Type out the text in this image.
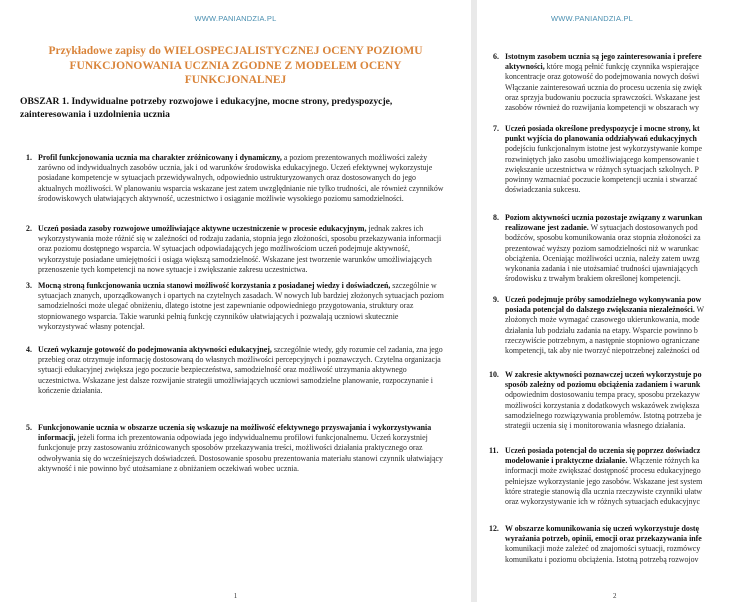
WWW.PANIANDZIA.PL
Przykładowe zapisy do WIELOSPECJALISTYCZNEJ OCENY POZIOMU FUNKCJONOWANIA UCZNIA ZGODNE Z MODELEM OCENY FUNKCJONALNEJ
OBSZAR 1. Indywidualne potrzeby rozwojowe i edukacyjne, mocne strony, predyspozycje, zainteresowania i uzdolnienia ucznia
1. Profil funkcjonowania ucznia ma charakter zróżnicowany i dynamiczny, a poziom prezentowanych możliwości zależy zarówno od indywidualnych zasobów ucznia, jak i od warunków środowiska edukacyjnego. Uczeń efektywnej wykorzystuje posiadane kompetencje w sytuacjach przewidywalnych, odpowiednio ustrukturyzowanych oraz dostosowanych do jego aktualnych możliwości. W planowaniu wsparcia wskazane jest zatem uwzględnianie nie tylko trudności, ale również czynników środowiskowych ułatwiających aktywność, uczestnictwo i osiąganie możliwie wysokiego poziomu samodzielności.
2. Uczeń posiada zasoby rozwojowe umożliwiające aktywne uczestniczenie w procesie edukacyjnym, jednak zakres ich wykorzystywania może różnić się w zależności od rodzaju zadania, stopnia jego złożoności, sposobu przekazywania informacji oraz poziomu dostępnego wsparcia. W sytuacjach odpowiadających jego możliwościom uczeń podejmuje aktywność, wykorzystuje posiadane umiejętności i osiąga większą samodzielność. Wskazane jest tworzenie warunków umożliwiających przenoszenie tych kompetencji na nowe sytuacje i zwiększanie zakresu uczestnictwa.
3. Mocną stroną funkcjonowania ucznia stanowi możliwość korzystania z posiadanej wiedzy i doświadczeń, szczególnie w sytuacjach znanych, uporządkowanych i opartych na czytelnych zasadach. W nowych lub bardziej złożonych sytuacjach poziom samodzielności może ulegać obniżeniu, dlatego istotne jest zapewnianie odpowiedniego przygotowania, struktury oraz stopniowanego wsparcia. Takie warunki pełnią funkcję czynników ułatwiających i pozwalają uczniowi skutecznie wykorzystywać własny potencjał.
4. Uczeń wykazuje gotowość do podejmowania aktywności edukacyjnej, szczególnie wtedy, gdy rozumie cel zadania, zna jego przebieg oraz otrzymuje informację dostosowaną do własnych możliwości percepcyjnych i poznawczych. Czytelna organizacja sytuacji edukacyjnej zwiększa jego poczucie bezpieczeństwa, samodzielność oraz możliwość utrzymania aktywnego uczestnictwa. Wskazane jest dalsze rozwijanie strategii umożliwiających uczniowi samodzielne planowanie, rozpoczynanie i kończenie działania.
5. Funkcjonowanie ucznia w obszarze uczenia się wskazuje na możliwość efektywnego przyswajania i wykorzystywania informacji, jeżeli forma ich prezentowania odpowiada jego indywidualnemu profilowi funkcjonalnemu. Uczeń korzystniej funkcjonuje przy zastosowaniu zróżnicowanych sposobów przekazywania treści, możliwości działania praktycznego oraz odwoływania się do wcześniejszych doświadczeń. Dostosowanie sposobu prezentowania materiału stanowi czynnik ułatwiający aktywność i nie powinno być utożsamiane z obniżaniem oczekiwań wobec ucznia.
1
WWW.PANIANDZIA.PL
6. Istotnym zasobem ucznia są jego zainteresowania i prefere
aktywności, które mogą pełnić funkcję czynnika wspierające
koncentracje oraz gotowość do podejmowania nowych doświ
Włączanie zainteresowań ucznia do procesu uczenia się zwięk
oraz sprzyja budowaniu poczucia sprawczości. Wskazane jest
zasobów również do rozwijania kompetencji w obszarach wy
7. Uczeń posiada określone predyspozycje i mocne strony, kt
punkt wyjścia do planowania oddziaływań edukacyjnych
podejściu funkcjonalnym istotne jest wykorzystywanie kompe
rozwiniętych jako zasobu umożliwiającego kompensowanie t
zwiększanie uczestnictwa w różnych sytuacjach szkolnych. P
powinny wzmacniać poczucie kompetencji ucznia i stwarzać
doświadczania sukcesu.
8. Poziom aktywności ucznia pozostaje związany z warunkan
realizowane jest zadanie. W sytuacjach dostosowanych pod
bodźców, sposobu komunikowania oraz stopnia złożoności za
prezentować wyższy poziom samodzielności niż w warunkac
obciążenia. Oceniając możliwości ucznia, należy zatem uwzg
wykonania zadania i nie utożsamiać trudności ujawniających
środowisku z trwałym brakiem określonej kompetencji.
9. Uczeń podejmuje próby samodzielnego wykonywania pow
posiada potencjał do dalszego zwiększania niezależności. W
złożonych może wymagać czasowego ukierunkowania, mode
działania lub podziału zadania na etapy. Wsparcie powinno b
rzeczywiście potrzebnym, a następnie stopniowo ograniczane
kompetencji, tak aby nie tworzyć niepotrzebnej zależności od
10. W zakresie aktywności poznawczej uczeń wykorzystuje po
sposób zależny od poziomu obciążenia zadaniem i warunk
odpowiednim dostosowaniu tempa pracy, sposobu przekazyw
możliwości korzystania z dodatkowych wskazówek zwiększa
samodzielnego rozwiązywania problemów. Istotną potrzeba je
strategii uczenia się i monitorowania własnego działania.
11. Uczeń posiada potencjał do uczenia się poprzez doświadcz
modelowanie i praktyczne działanie. Włączenie różnych ka
informacji może zwiększać dostępność procesu edukacyjnego
pełniejsze wykorzystanie jego zasobów. Wskazane jest system
które strategie stanowią dla ucznia rzeczywiste czynniki ułatw
oraz wykorzystywanie ich w różnych sytuacjach edukacyjnyc
12. W obszarze komunikowania się uczeń wykorzystuje dostę
wyrażania potrzeb, opinii, emocji oraz przekazywania infe
komunikacji może zależeć od znajomości sytuacji, rozmówcy
komunikatu i poziomu obciążenia. Istotną potrzebą rozwojov
2
